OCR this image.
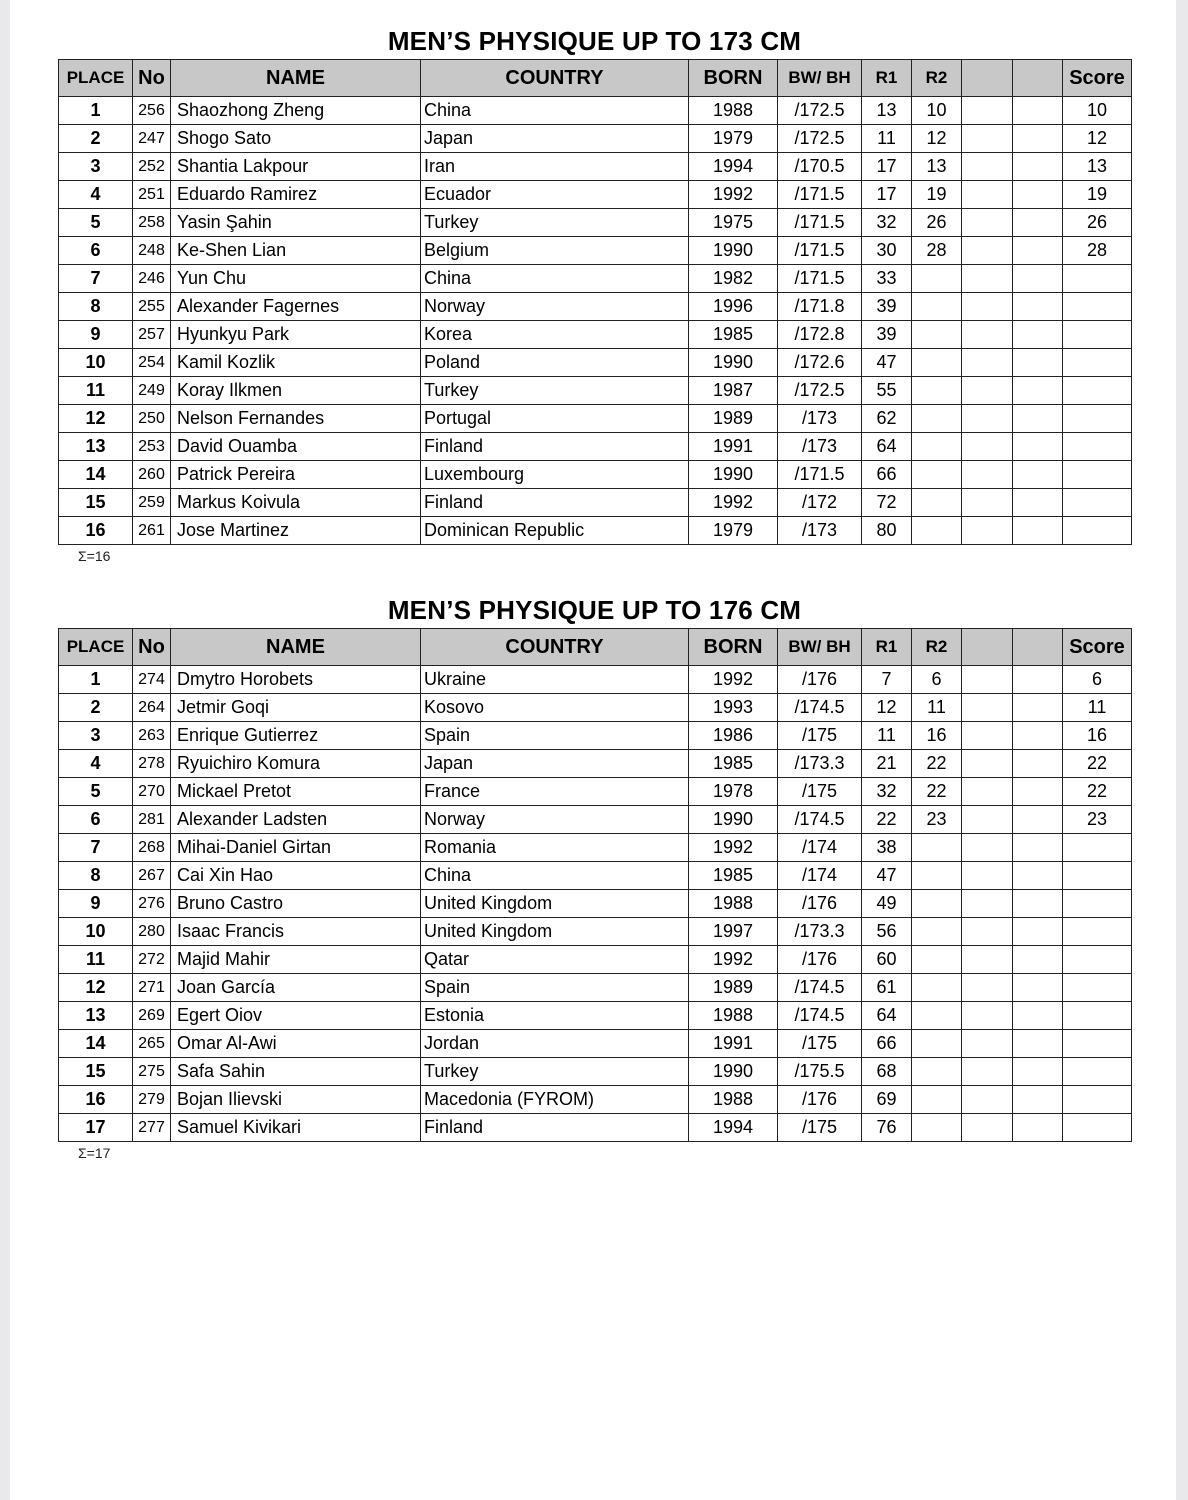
MEN’S PHYSIQUE UP TO 173 CM
PLACE	No	NAME	COUNTRY	BORN	BW/ BH	R1	R2			Score
1	256	Shaozhong Zheng	China	1988	/172.5	13	10			10
2	247	Shogo Sato	Japan	1979	/172.5	11	12			12
3	252	Shantia Lakpour	Iran	1994	/170.5	17	13			13
4	251	Eduardo Ramirez	Ecuador	1992	/171.5	17	19			19
5	258	Yasin Şahin	Turkey	1975	/171.5	32	26			26
6	248	Ke-Shen Lian	Belgium	1990	/171.5	30	28			28
7	246	Yun Chu	China	1982	/171.5	33				
8	255	Alexander Fagernes	Norway	1996	/171.8	39				
9	257	Hyunkyu Park	Korea	1985	/172.8	39				
10	254	Kamil Kozlik	Poland	1990	/172.6	47				
11	249	Koray Ilkmen	Turkey	1987	/172.5	55				
12	250	Nelson Fernandes	Portugal	1989	/173	62				
13	253	David Ouamba	Finland	1991	/173	64				
14	260	Patrick Pereira	Luxembourg	1990	/171.5	66				
15	259	Markus Koivula	Finland	1992	/172	72				
16	261	Jose Martinez	Dominican Republic	1979	/173	80				
Σ=16
MEN’S PHYSIQUE UP TO 176 CM
PLACE	No	NAME	COUNTRY	BORN	BW/ BH	R1	R2			Score
1	274	Dmytro Horobets	Ukraine	1992	/176	7	6			6
2	264	Jetmir Goqi	Kosovo	1993	/174.5	12	11			11
3	263	Enrique Gutierrez	Spain	1986	/175	11	16			16
4	278	Ryuichiro Komura	Japan	1985	/173.3	21	22			22
5	270	Mickael Pretot	France	1978	/175	32	22			22
6	281	Alexander Ladsten	Norway	1990	/174.5	22	23			23
7	268	Mihai-Daniel Girtan	Romania	1992	/174	38				
8	267	Cai Xin Hao	China	1985	/174	47				
9	276	Bruno Castro	United Kingdom	1988	/176	49				
10	280	Isaac Francis	United Kingdom	1997	/173.3	56				
11	272	Majid Mahir	Qatar	1992	/176	60				
12	271	Joan García	Spain	1989	/174.5	61				
13	269	Egert Oiov	Estonia	1988	/174.5	64				
14	265	Omar Al-Awi	Jordan	1991	/175	66				
15	275	Safa Sahin	Turkey	1990	/175.5	68				
16	279	Bojan Ilievski	Macedonia (FYROM)	1988	/176	69				
17	277	Samuel Kivikari	Finland	1994	/175	76				
Σ=17
